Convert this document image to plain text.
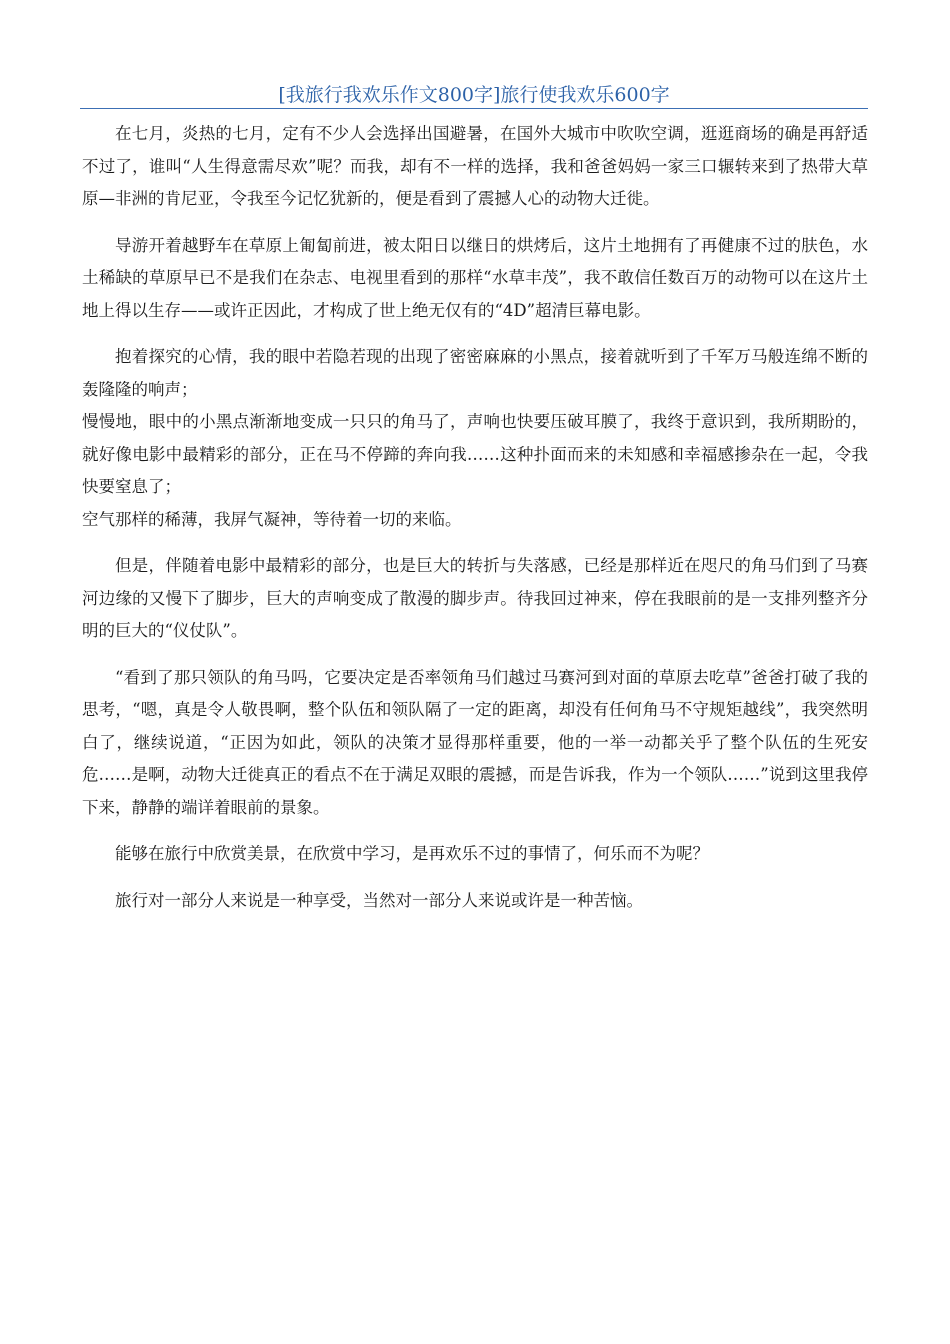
[我旅行我欢乐作文800字]旅行使我欢乐600字

在七月，炎热的七月，定有不少人会选择出国避暑，在国外大城市中吹吹空调，逛逛商场的确是再舒适不过了，谁叫“人生得意需尽欢”呢？而我，却有不一样的选择，我和爸爸妈妈一家三口辗转来到了热带大草原—非洲的肯尼亚，令我至今记忆犹新的，便是看到了震撼人心的动物大迁徙。

导游开着越野车在草原上匍匐前进，被太阳日以继日的烘烤后，这片土地拥有了再健康不过的肤色，水土稀缺的草原早已不是我们在杂志、电视里看到的那样“水草丰茂”，我不敢信任数百万的动物可以在这片土地上得以生存——或许正因此，才构成了世上绝无仅有的“4D”超清巨幕电影。

抱着探究的心情，我的眼中若隐若现的出现了密密麻麻的小黑点，接着就听到了千军万马般连绵不断的轰隆隆的响声；

慢慢地，眼中的小黑点渐渐地变成一只只的角马了，声响也快要压破耳膜了，我终于意识到，我所期盼的，就好像电影中最精彩的部分，正在马不停蹄的奔向我……这种扑面而来的未知感和幸福感掺杂在一起，令我快要窒息了；

空气那样的稀薄，我屏气凝神，等待着一切的来临。

但是，伴随着电影中最精彩的部分，也是巨大的转折与失落感，已经是那样近在咫尺的角马们到了马赛河边缘的又慢下了脚步，巨大的声响变成了散漫的脚步声。待我回过神来，停在我眼前的是一支排列整齐分明的巨大的“仪仗队”。

“看到了那只领队的角马吗，它要决定是否率领角马们越过马赛河到对面的草原去吃草”爸爸打破了我的思考，“嗯，真是令人敬畏啊，整个队伍和领队隔了一定的距离，却没有任何角马不守规矩越线”，我突然明白了，继续说道，“正因为如此，领队的决策才显得那样重要，他的一举一动都关乎了整个队伍的生死安危……是啊，动物大迁徙真正的看点不在于满足双眼的震撼，而是告诉我，作为一个领队……”说到这里我停下来，静静的端详着眼前的景象。

能够在旅行中欣赏美景，在欣赏中学习，是再欢乐不过的事情了，何乐而不为呢？

旅行对一部分人来说是一种享受，当然对一部分人来说或许是一种苦恼。
